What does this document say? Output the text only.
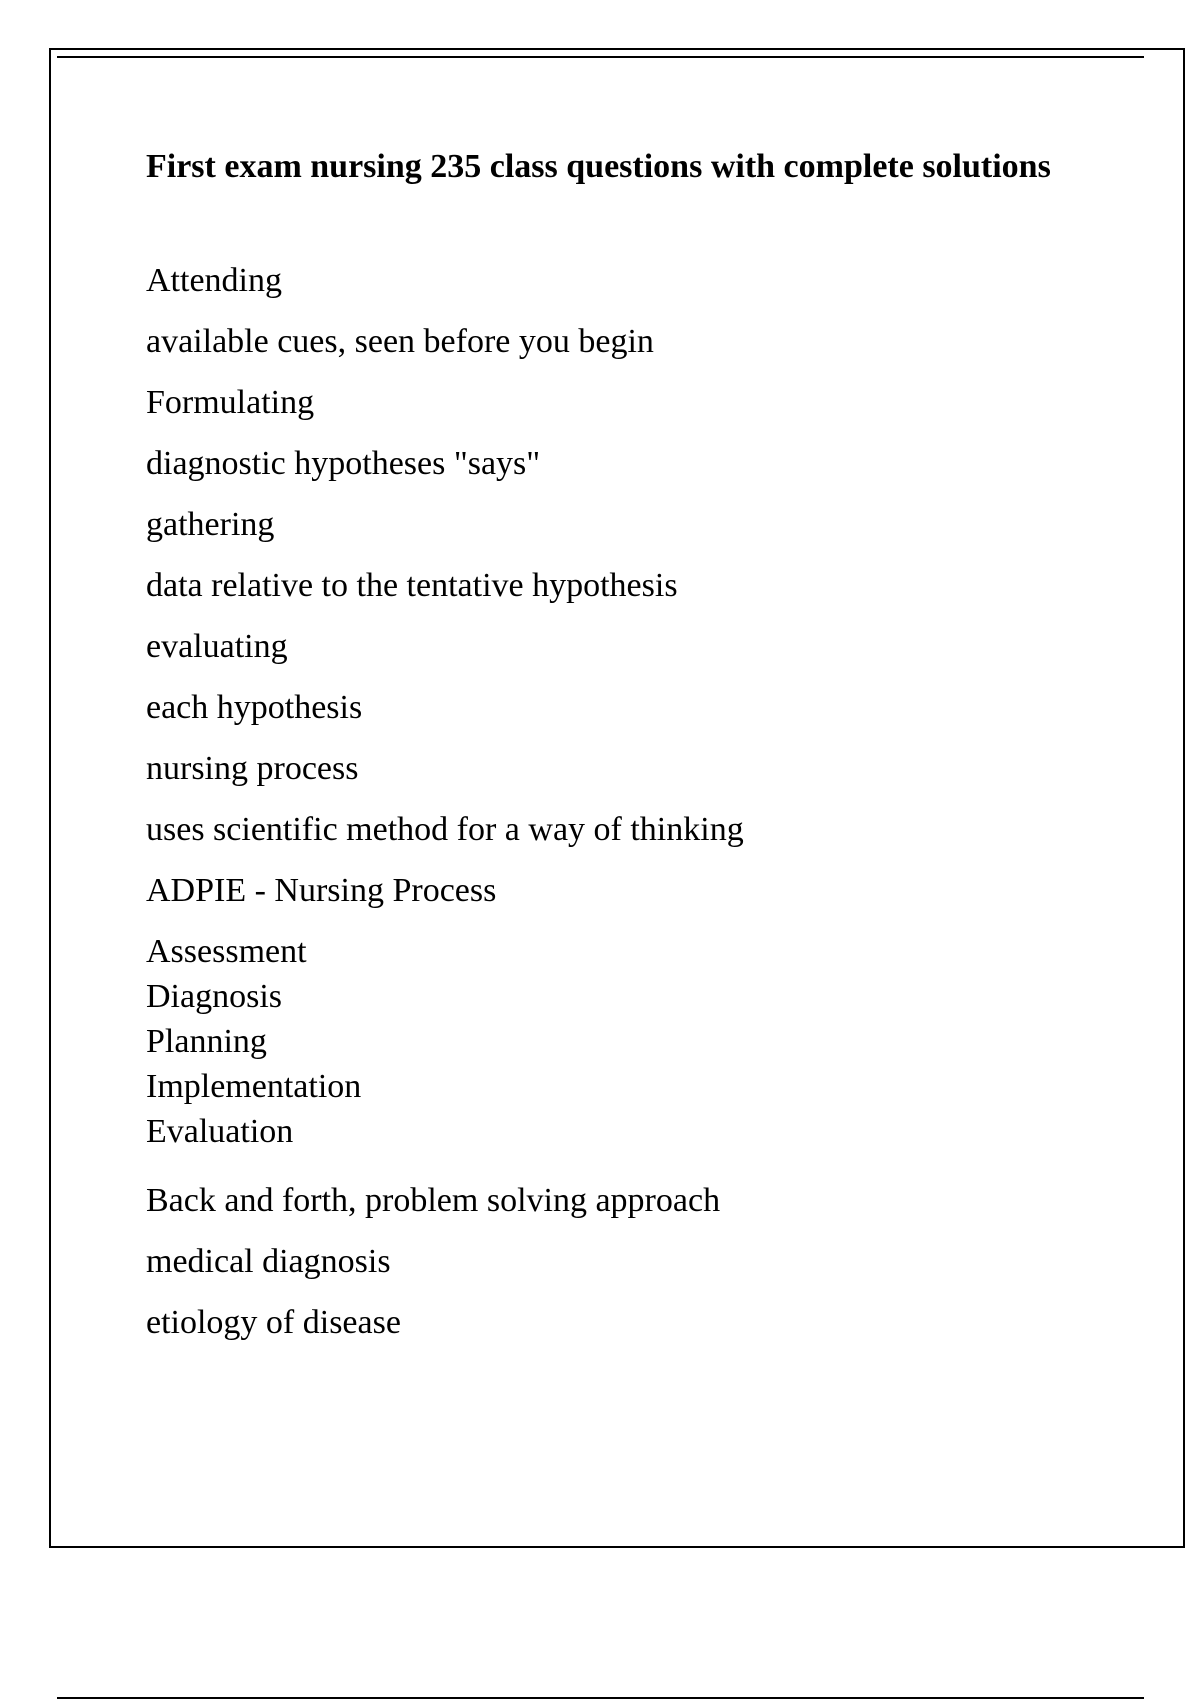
First exam nursing 235 class questions with complete solutions

Attending

available cues, seen before you begin

Formulating

diagnostic hypotheses "says"

gathering

data relative to the tentative hypothesis

evaluating

each hypothesis

nursing process

uses scientific method for a way of thinking

ADPIE - Nursing Process

Assessment
Diagnosis
Planning
Implementation
Evaluation

Back and forth, problem solving approach

medical diagnosis

etiology of disease
